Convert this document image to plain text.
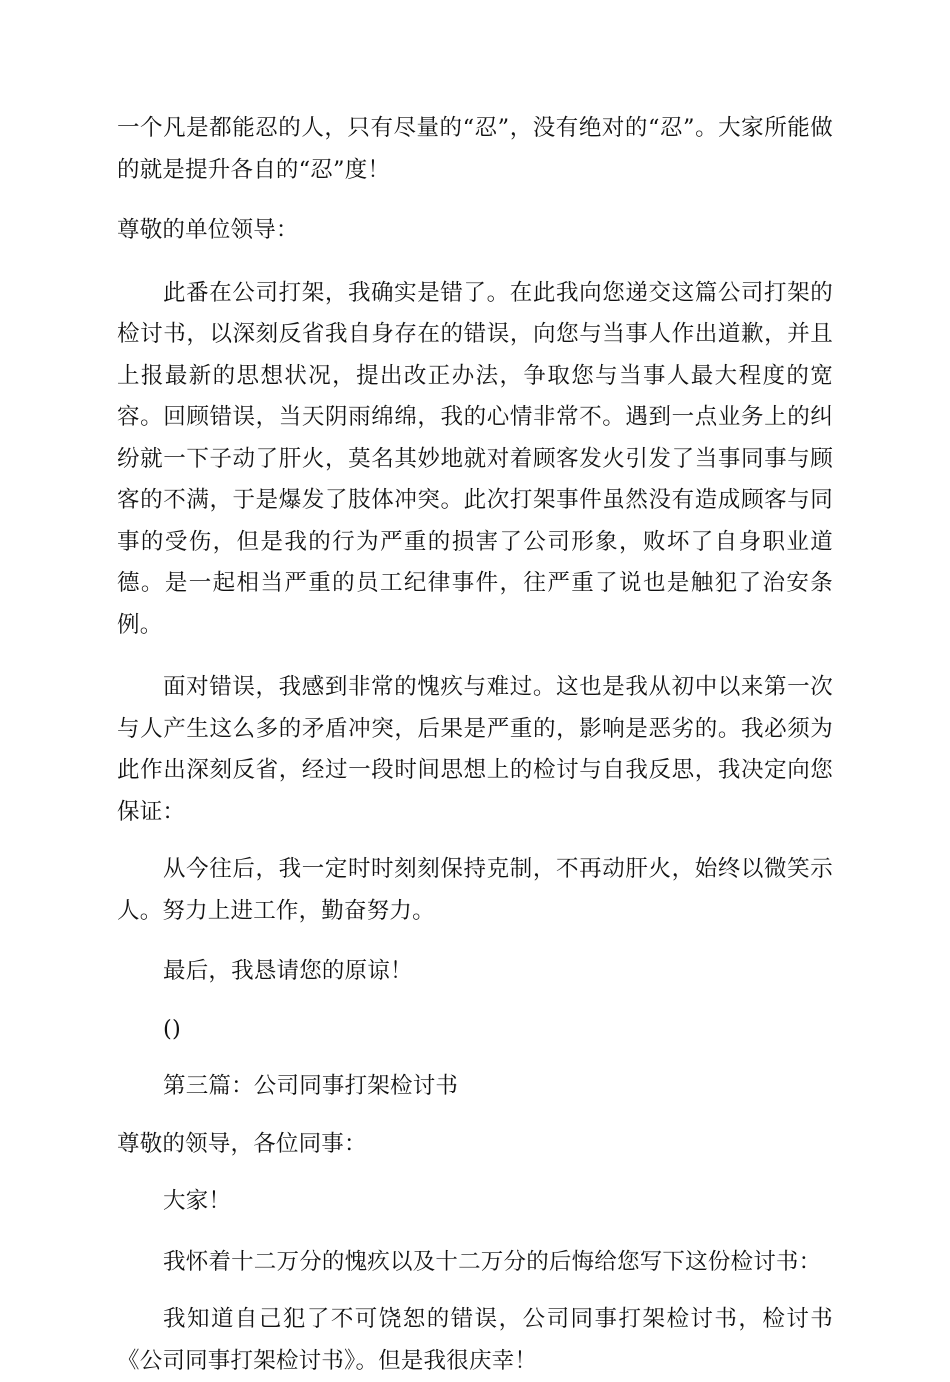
一个凡是都能忍的人，只有尽量的“忍”，没有绝对的“忍”。大家所能做的就是提升各自的“忍”度！

尊敬的单位领导：

此番在公司打架，我确实是错了。在此我向您递交这篇公司打架的检讨书，以深刻反省我自身存在的错误，向您与当事人作出道歉，并且上报最新的思想状况，提出改正办法，争取您与当事人最大程度的宽容。回顾错误，当天阴雨绵绵，我的心情非常不。遇到一点业务上的纠纷就一下子动了肝火，莫名其妙地就对着顾客发火引发了当事同事与顾客的不满，于是爆发了肢体冲突。此次打架事件虽然没有造成顾客与同事的受伤，但是我的行为严重的损害了公司形象，败坏了自身职业道德。是一起相当严重的员工纪律事件，往严重了说也是触犯了治安条例。

面对错误，我感到非常的愧疚与难过。这也是我从初中以来第一次与人产生这么多的矛盾冲突，后果是严重的，影响是恶劣的。我必须为此作出深刻反省，经过一段时间思想上的检讨与自我反思，我决定向您保证：

从今往后，我一定时时刻刻保持克制，不再动肝火，始终以微笑示人。努力上进工作，勤奋努力。

最后，我恳请您的原谅！

()

第三篇：公司同事打架检讨书

尊敬的领导，各位同事：

大家！

我怀着十二万分的愧疚以及十二万分的后悔给您写下这份检讨书：

我知道自己犯了不可饶恕的错误，公司同事打架检讨书，检讨书《公司同事打架检讨书》。但是我很庆幸！
